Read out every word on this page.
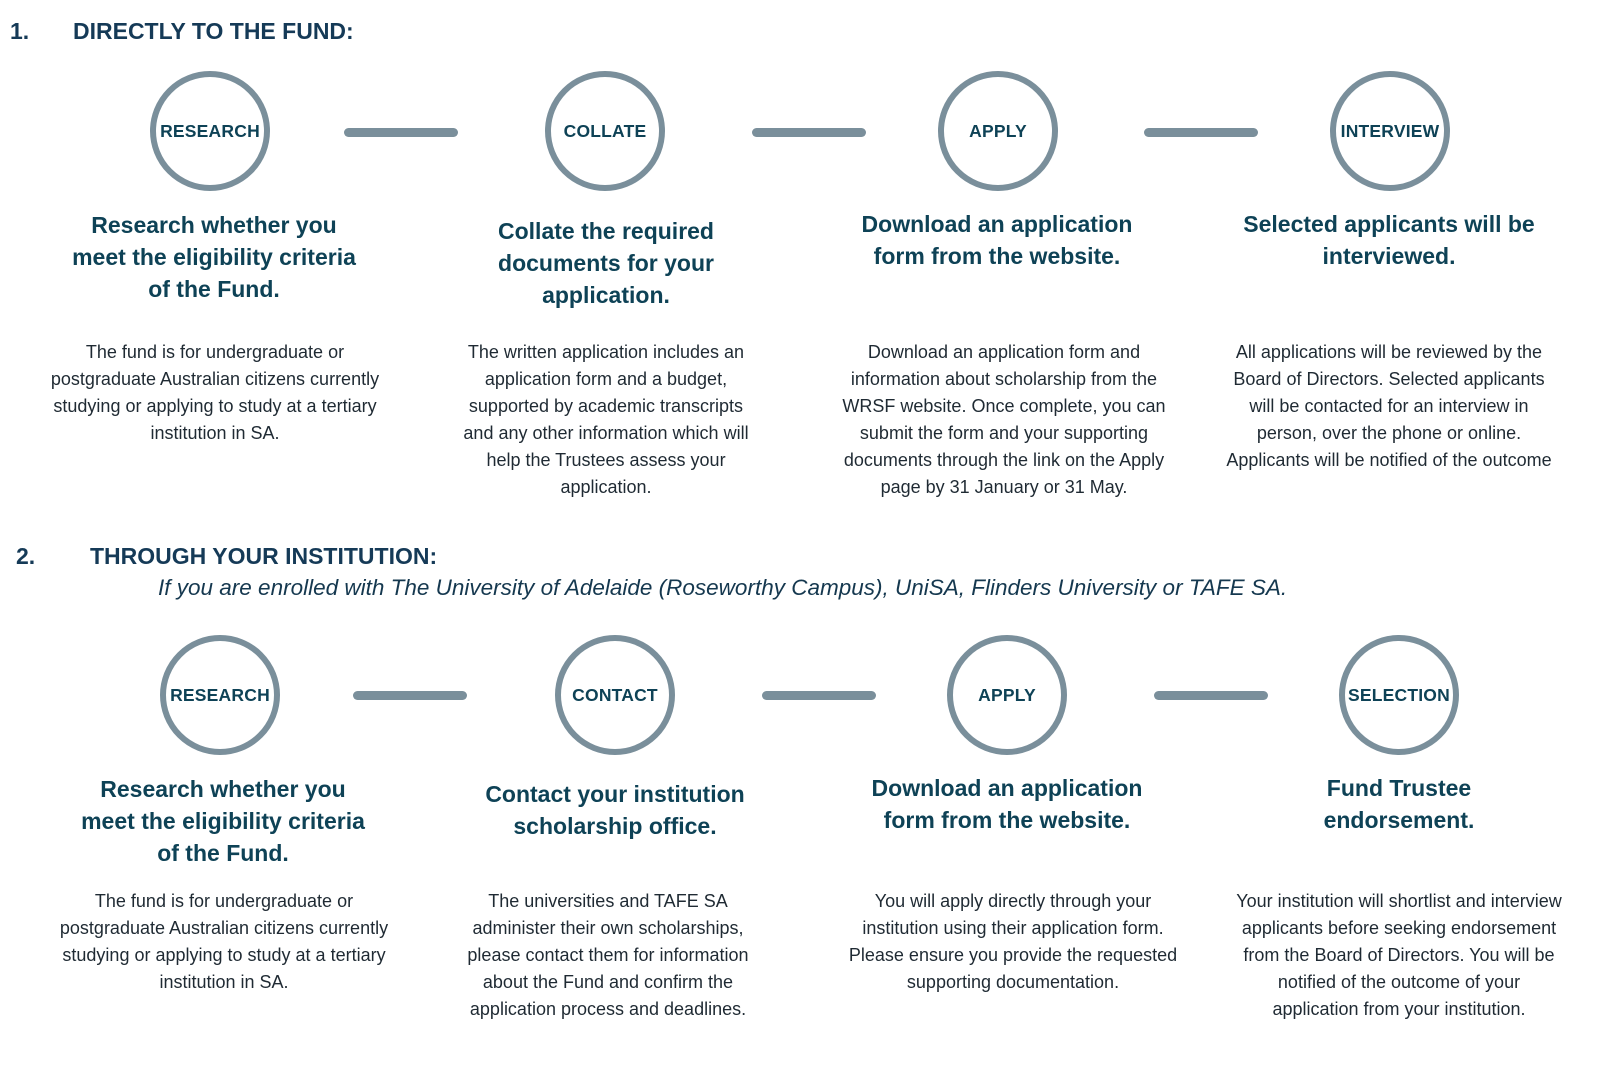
1. DIRECTLY TO THE FUND:
RESEARCH	COLLATE	APPLY	INTERVIEW
Research whether you meet the eligibility criteria of the Fund.
Collate the required documents for your application.
Download an application form from the website.
Selected applicants will be interviewed.
The fund is for undergraduate or postgraduate Australian citizens currently studying or applying to study at a tertiary institution in SA.
The written application includes an application form and a budget, supported by academic transcripts and any other information which will help the Trustees assess your application.
Download an application form and information about scholarship from the WRSF website. Once complete, you can submit the form and your supporting documents through the link on the Apply page by 31 January or 31 May.
All applications will be reviewed by the Board of Directors. Selected applicants will be contacted for an interview in person, over the phone or online. Applicants will be notified of the outcome
2. THROUGH YOUR INSTITUTION:
If you are enrolled with The University of Adelaide (Roseworthy Campus), UniSA, Flinders University or TAFE SA.
RESEARCH	CONTACT	APPLY	SELECTION
Research whether you meet the eligibility criteria of the Fund.
Contact your institution scholarship office.
Download an application form from the website.
Fund Trustee endorsement.
The fund is for undergraduate or postgraduate Australian citizens currently studying or applying to study at a tertiary institution in SA.
The universities and TAFE SA administer their own scholarships, please contact them for information about the Fund and confirm the application process and deadlines.
You will apply directly through your institution using their application form. Please ensure you provide the requested supporting documentation.
Your institution will shortlist and interview applicants before seeking endorsement from the Board of Directors. You will be notified of the outcome of your application from your institution.
